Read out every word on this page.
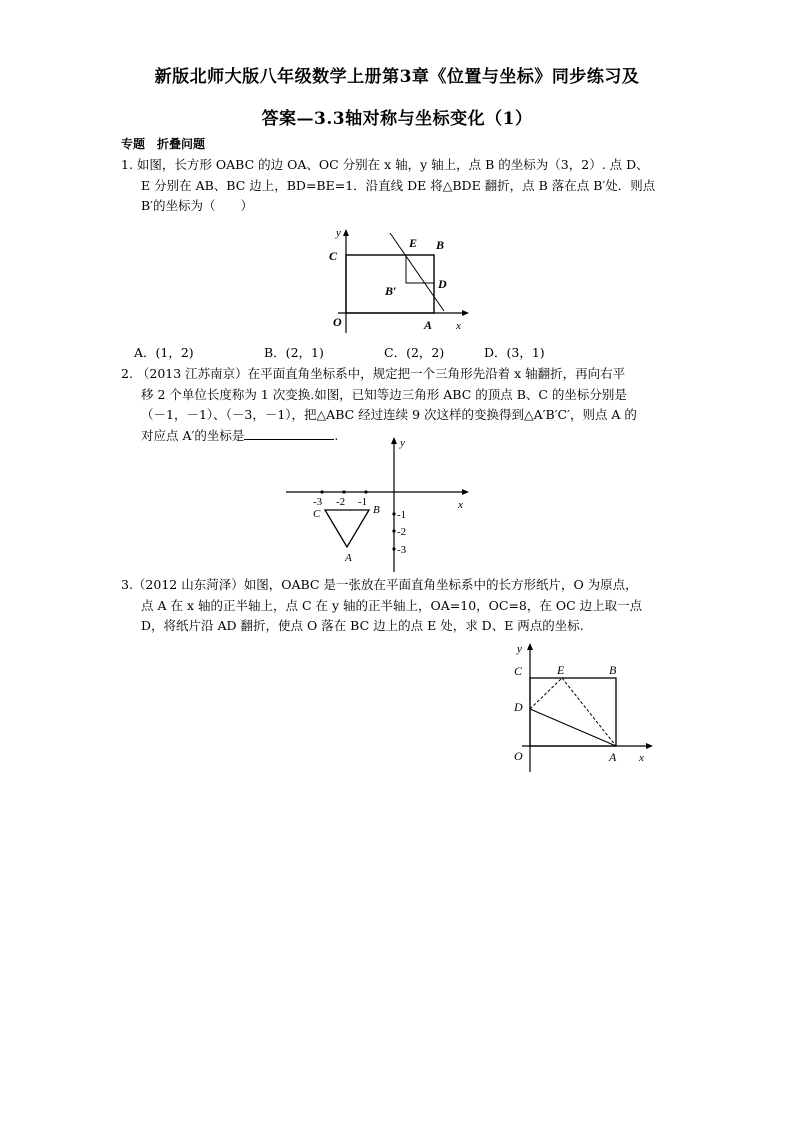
新版北师大版八年级数学上册第3章《位置与坐标》同步练习及
答案—3.3轴对称与坐标变化（1）
专题　折叠问题
1. 如图，长方形 OABC 的边 OA、OC 分别在 x 轴，y 轴上，点 B 的坐标为（3，2）. 点 D、

E 分别在 AB、BC 边上，BD=BE=1．沿直线 DE 将△BDE 翻折，点 B 落在点 B′处．则点
B′的坐标为（　　）
y
C
E B
D
B′
O	A x
A．(1，2)	B．(2，1)	C．(2，2)	D．(3，1)
2. （2013 江苏南京）在平面直角坐标系中，规定把一个三角形先沿着 x 轴翻折，再向右平

移 2 个单位长度称为 1 次变换.如图，已知等边三角形 ABC 的顶点 B、C 的坐标分别是
（－1，－1）、（－3，－1），把△ABC 经过连续 9 次这样的变换得到△A′B′C′，则点 A 的
对应点 A′的坐标是	.
-3 -2 -1
-1
-2
-3
C	B
A
y
x
3.（2012 山东菏泽）如图，OABC 是一张放在平面直角坐标系中的长方形纸片，O 为原点，

点 A 在 x 轴的正半轴上，点 C 在 y 轴的正半轴上，OA=10，OC=8，在 OC 边上取一点
D，将纸片沿 AD 翻折，使点 O 落在 BC 边上的点 E 处，求 D、E 两点的坐标.
y
C	E	B
D
O	A x
